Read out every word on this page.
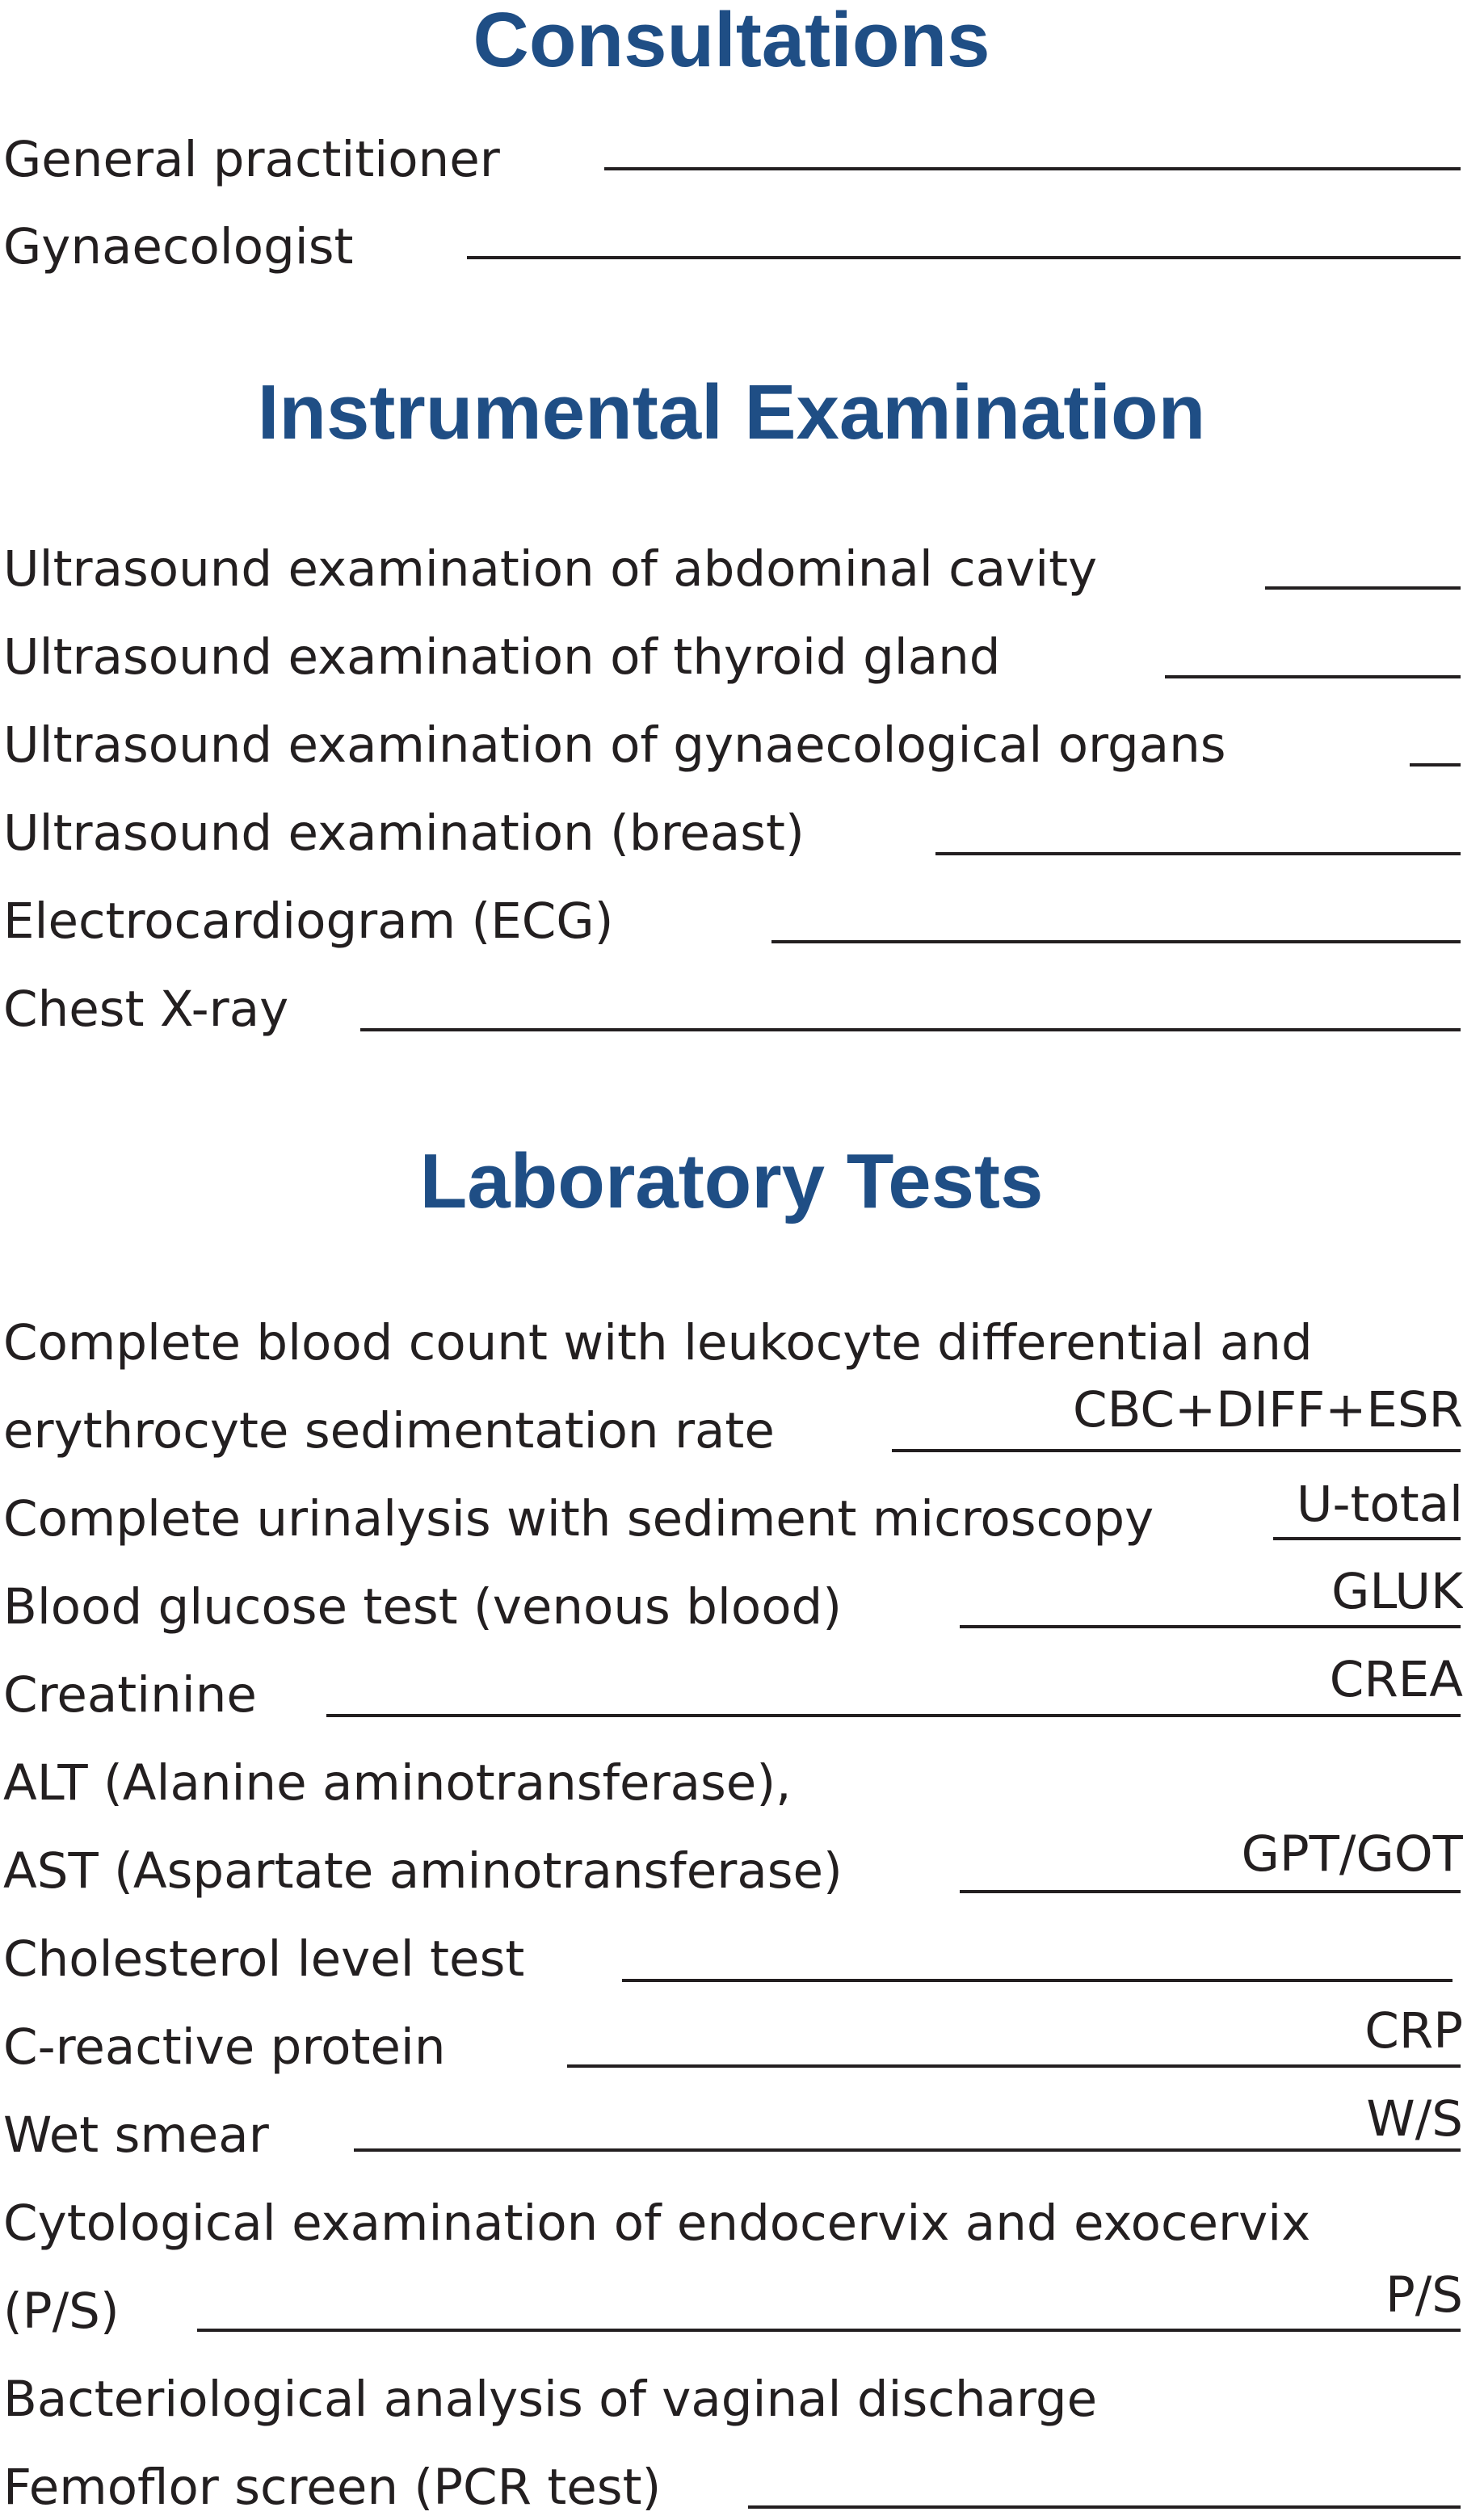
Consultations
General practitioner
Gynaecologist
Instrumental Examination
Ultrasound examination of abdominal cavity
Ultrasound examination of thyroid gland
Ultrasound examination of gynaecological organs
Ultrasound examination (breast)
Electrocardiogram (ECG)
Chest X-ray
Laboratory Tests
Complete blood count with leukocyte differential and
erythrocyte sedimentation rate	CBC+DIFF+ESR
Complete urinalysis with sediment microscopy	U-total
Blood glucose test (venous blood)	GLUK
Creatinine	CREA
ALT (Alanine aminotransferase),
AST (Aspartate aminotransferase)	GPT/GOT
Cholesterol level test
C-reactive protein	CRP
Wet smear	W/S
Cytological examination of endocervix and exocervix
(P/S)	P/S
Bacteriological analysis of vaginal discharge
Femoflor screen (PCR test)
